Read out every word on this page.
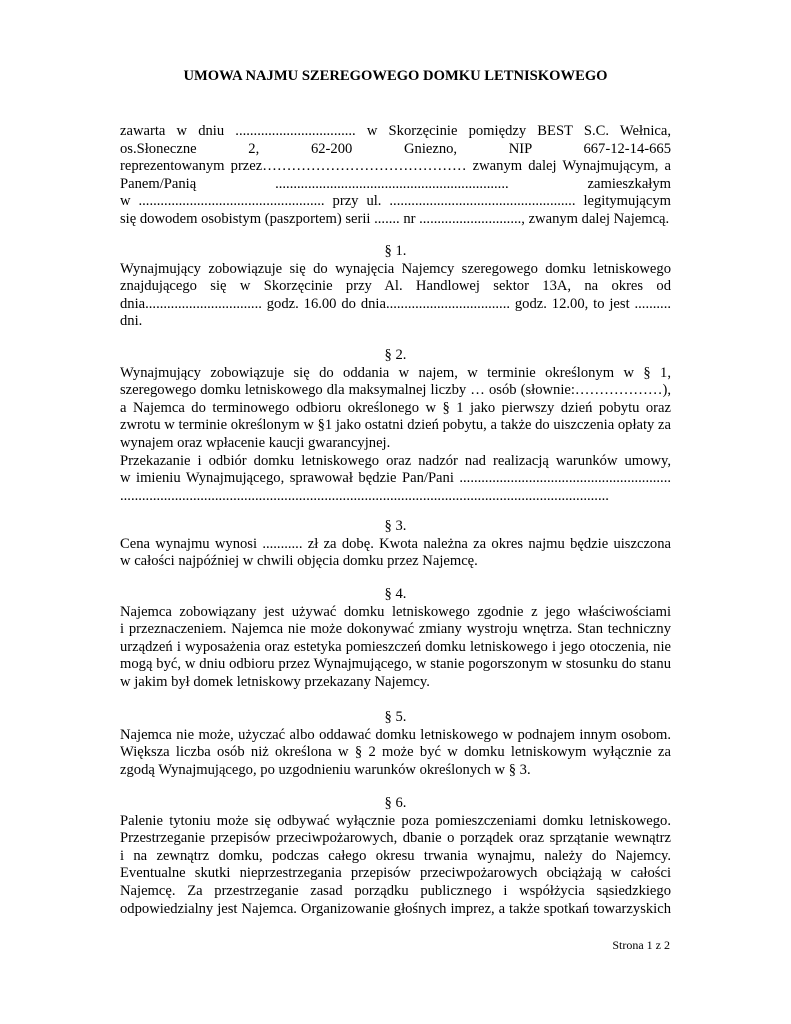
UMOWA NAJMU SZEREGOWEGO DOMKU LETNISKOWEGO
zawarta w dniu ................................. w Skorzęcinie pomiędzy BEST S.C. Wełnica,
os.Słoneczne 2, 62-200 Gniezno, NIP 667-12-14-665
reprezentowanym przez…………………………………… zwanym dalej Wynajmującym, a
Panem/Panią ................................................................ zamieszkałym
w ................................................... przy ul. ................................................... legitymującym
się dowodem osobistym (paszportem) serii ....... nr ............................, zwanym dalej Najemcą.
§ 1.
Wynajmujący zobowiązuje się do wynajęcia Najemcy szeregowego domku letniskowego
znajdującego się w Skorzęcinie przy Al. Handlowej sektor 13A, na okres od
dnia................................ godz. 16.00 do dnia.................................. godz. 12.00, to jest ..........
dni.
§ 2.
Wynajmujący zobowiązuje się do oddania w najem, w terminie określonym w § 1,
szeregowego domku letniskowego dla maksymalnej liczby … osób (słownie:………………),
a Najemca do terminowego odbioru określonego w § 1 jako pierwszy dzień pobytu oraz
zwrotu w terminie określonym w §1 jako ostatni dzień pobytu, a także do uiszczenia opłaty za
wynajem oraz wpłacenie kaucji gwarancyjnej.
Przekazanie i odbiór domku letniskowego oraz nadzór nad realizacją warunków umowy,
w imieniu Wynajmującego, sprawował będzie Pan/Pani ..........................................................
......................................................................................................................................
§ 3.
Cena wynajmu wynosi ........... zł za dobę. Kwota należna za okres najmu będzie uiszczona
w całości najpóźniej w chwili objęcia domku przez Najemcę.
§ 4.
Najemca zobowiązany jest używać domku letniskowego zgodnie z jego właściwościami
i przeznaczeniem. Najemca nie może dokonywać zmiany wystroju wnętrza. Stan techniczny
urządzeń i wyposażenia oraz estetyka pomieszczeń domku letniskowego i jego otoczenia, nie
mogą być, w dniu odbioru przez Wynajmującego, w stanie pogorszonym w stosunku do stanu
w jakim był domek letniskowy przekazany Najemcy.
§ 5.
Najemca nie może, użyczać albo oddawać domku letniskowego w podnajem innym osobom.
Większa liczba osób niż określona w § 2 może być w domku letniskowym wyłącznie za
zgodą Wynajmującego, po uzgodnieniu warunków określonych w § 3.
§ 6.
Palenie tytoniu może się odbywać wyłącznie poza pomieszczeniami domku letniskowego.
Przestrzeganie przepisów przeciwpożarowych, dbanie o porządek oraz sprzątanie wewnątrz
i na zewnątrz domku, podczas całego okresu trwania wynajmu, należy do Najemcy.
Eventualne skutki nieprzestrzegania przepisów przeciwpożarowych obciążają w całości
Najemcę. Za przestrzeganie zasad porządku publicznego i współżycia sąsiedzkiego
odpowiedzialny jest Najemca. Organizowanie głośnych imprez, a także spotkań towarzyskich
Strona 1 z 2
